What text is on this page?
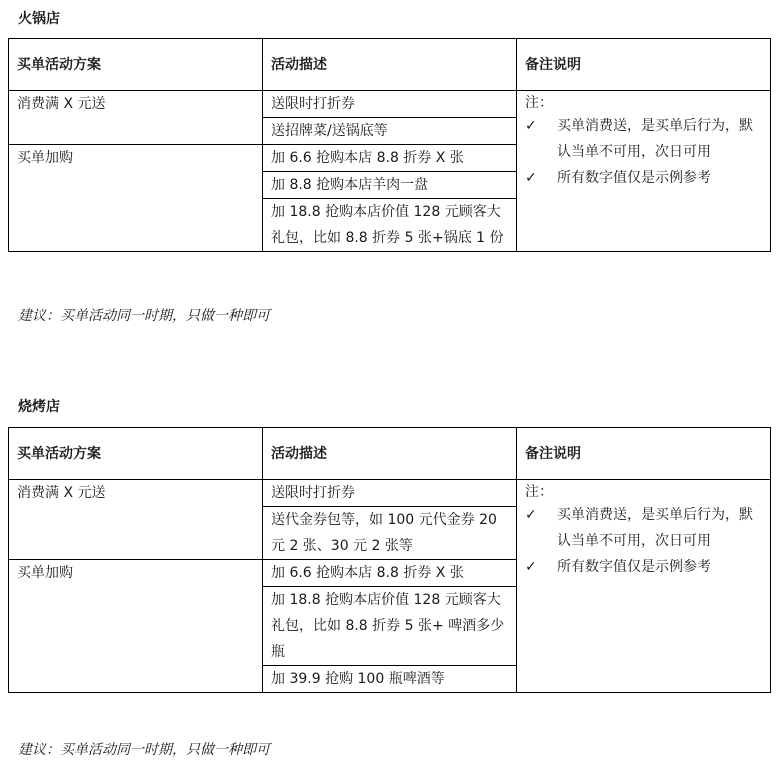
火锅店
买单活动方案	活动描述	备注说明
消费满 X 元送	送限时打折券	注：
✓ 买单消费送，是买单后行为，默认当单不可用，次日可用
✓ 所有数字值仅是示例参考

	送招牌菜/送锅底等	
买单加购	加 6.6 抢购本店 8.8 折券 X 张	
	加 8.8 抢购本店羊肉一盘	
	加 18.8 抢购本店价值 128 元顾客大礼包，比如 8.8 折券 5 张+锅底 1 份	
建议：买单活动同一时期，只做一种即可
烧烤店
买单活动方案	活动描述	备注说明
消费满 X 元送	送限时打折券	注：
✓ 买单消费送，是买单后行为，默认当单不可用，次日可用
✓ 所有数字值仅是示例参考

	送代金券包等，如 100 元代金券 20 元 2 张、30 元 2 张等	
买单加购	加 6.6 抢购本店 8.8 折券 X 张	
	加 18.8 抢购本店价值 128 元顾客大礼包，比如 8.8 折券 5 张+ 啤酒多少瓶	
	加 39.9 抢购 100 瓶啤酒等	
建议：买单活动同一时期，只做一种即可
